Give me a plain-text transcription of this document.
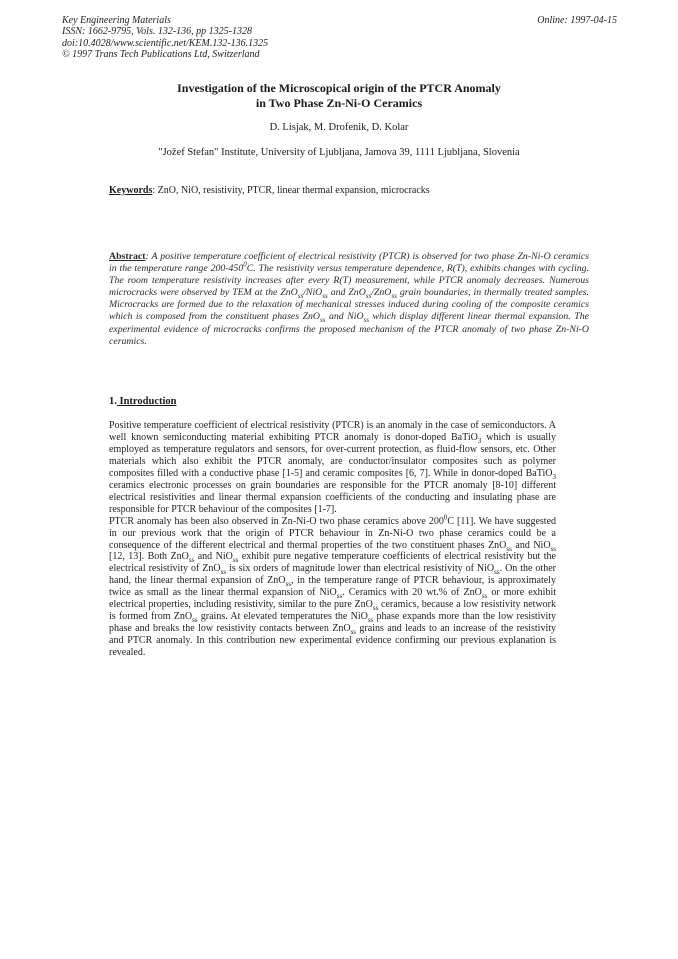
Key Engineering Materials
ISSN: 1662-9795, Vols. 132-136, pp 1325-1328
doi:10.4028/www.scientific.net/KEM.132-136.1325
© 1997 Trans Tech Publications Ltd, Switzerland
Online: 1997-04-15
Investigation of the Microscopical origin of the PTCR Anomaly
in Two Phase Zn-Ni-O Ceramics
D. Lisjak, M. Drofenik, D. Kolar
"Jožef Stefan" Institute, University of Ljubljana, Jamova 39, 1111 Ljubljana, Slovenia
Keywords: ZnO, NiO, resistivity, PTCR, linear thermal expansion, microcracks
Abstract: A positive temperature coefficient of electrical resistivity (PTCR) is observed for two phase Zn-Ni-O ceramics in the temperature range $200-450^0C$. The resistivity versus temperature dependence, R(T), exhibits changes with cycling. The room temperature resistivity increases after every R(T) measurement, while PTCR anomaly decreases. Numerous microcracks were observed by TEM at the ZnO$_{ss}$/NiO$_{ss}$ and ZnO$_{ss}$/ZnO$_{ss}$ grain boundaries, in thermally treated samples. Microcracks are formed due to the relaxation of mechanical stresses induced during cooling of the composite ceramics which is composed from the constituent phases ZnO$_{ss}$ and NiO$_{ss}$ which display different linear thermal expansion. The experimental evidence of microcracks confirms the proposed mechanism of the PTCR anomaly of two phase Zn-Ni-O ceramics.
1. Introduction

Positive temperature coefficient of electrical resistivity (PTCR) is an anomaly in the case of semiconductors. A well known semiconducting material exhibiting PTCR anomaly is donor-doped BaTiO$_3$ which is usually employed as temperature regulators and sensors, for over-current protection, as fluid-flow sensors, etc. Other materials which also exhibit the PTCR anomaly, are conductor/insulator composites such as polymer composites filled with a conductive phase [1-5] and ceramic composites [6, 7]. While in donor-doped BaTiO$_3$ ceramics electronic processes on grain boundaries are responsible for the PTCR anomaly [8-10] different electrical resistivities and linear thermal expansion coefficients of the conducting and insulating phase are responsible for PTCR behaviour of the composites [1-7].

PTCR anomaly has been also observed in Zn-Ni-O two phase ceramics above $200^0C$ [11]. We have suggested in our previous work that the origin of PTCR behaviour in Zn-Ni-O two phase ceramics could be a consequence of the different electrical and thermal properties of the two constituent phases ZnO$_{ss}$ and NiO$_{ss}$ [12, 13]. Both ZnO$_{ss}$ and NiO$_{ss}$ exhibit pure negative temperature coefficients of electrical resistivity but the electrical resistivity of ZnO$_{ss}$ is six orders of magnitude lower than electrical resistivity of NiO$_{ss}$. On the other hand, the linear thermal expansion of ZnO$_{ss}$, in the temperature range of PTCR behaviour, is approximately twice as small as the linear thermal expansion of NiO$_{ss}$. Ceramics with 20 wt.% of ZnO$_{ss}$ or more exhibit electrical properties, including resistivity, similar to the pure ZnO$_{ss}$ ceramics, because a low resistivity network is formed from ZnO$_{ss}$ grains. At elevated temperatures the NiO$_{ss}$ phase expands more than the low resistivity phase and breaks the low resistivity contacts between ZnO$_{ss}$ grains and leads to an increase of the resistivity and PTCR anomaly. In this contribution new experimental evidence confirming our previous explanation is revealed.
